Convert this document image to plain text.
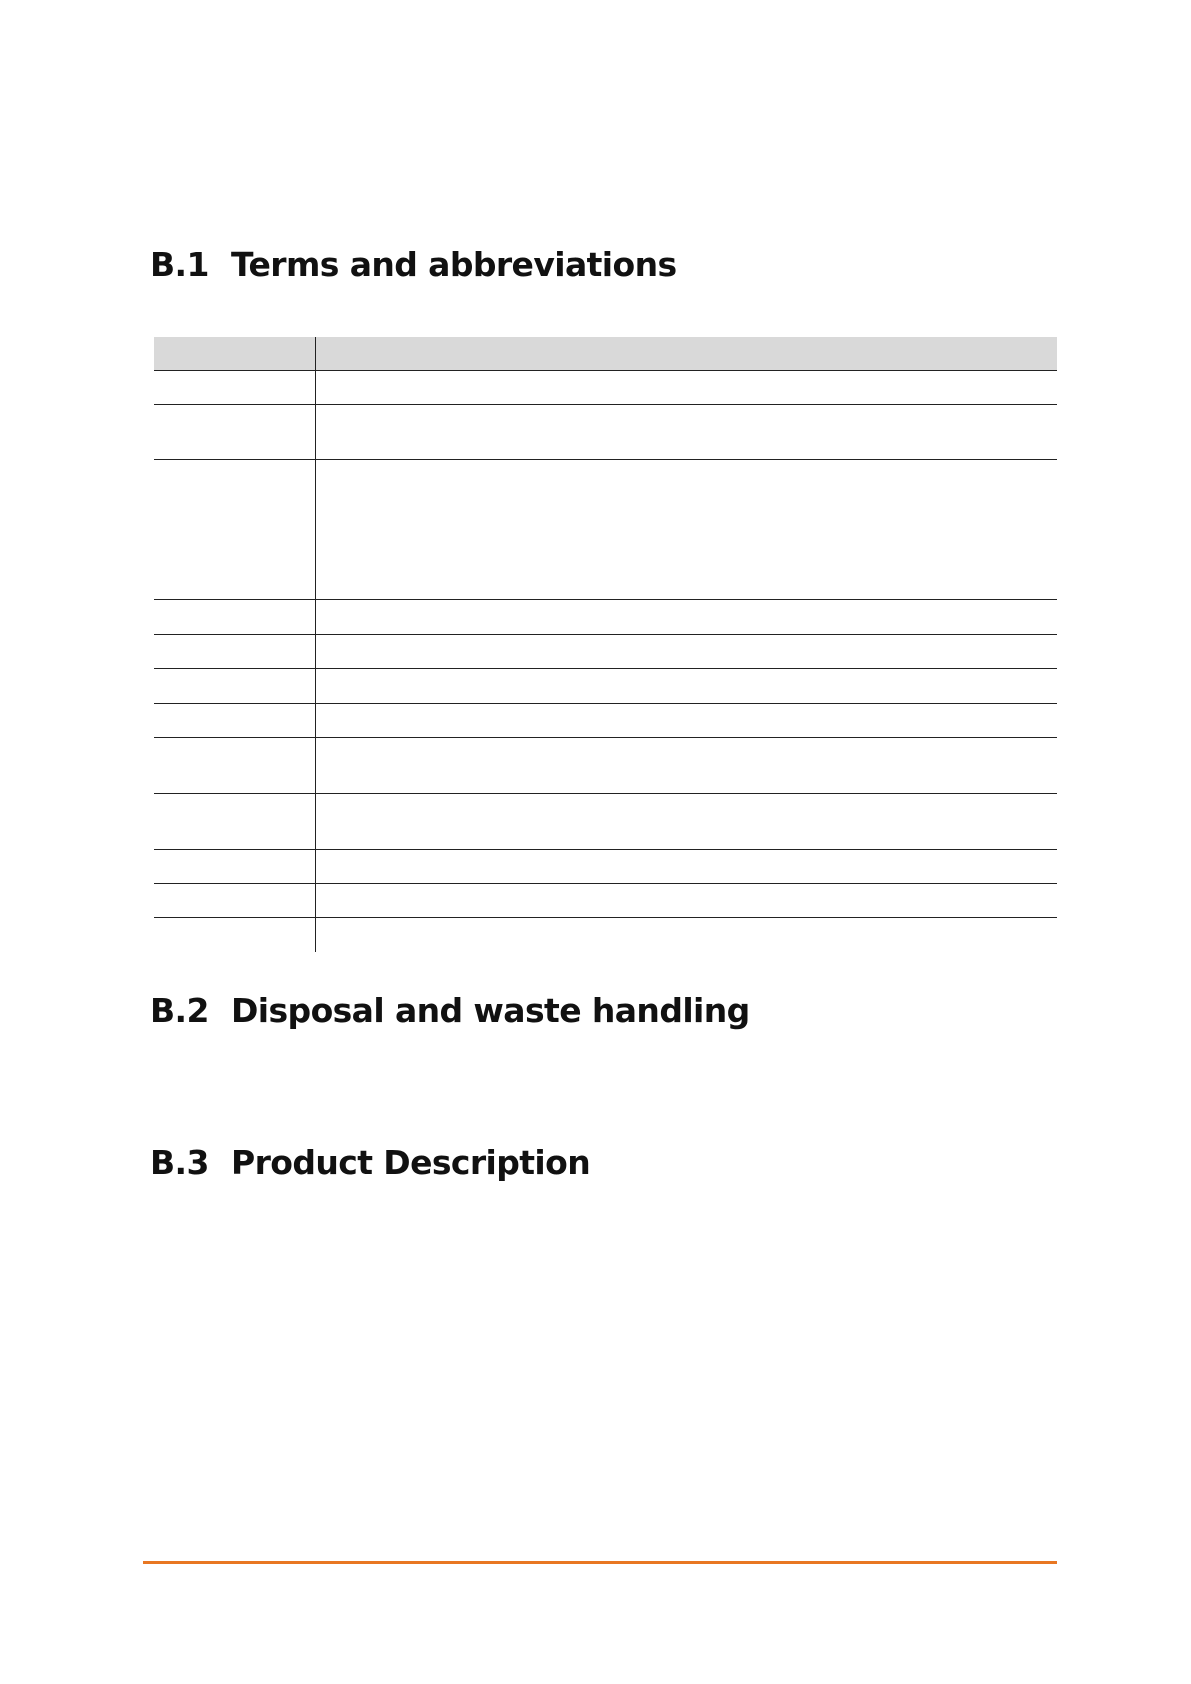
B.1 Terms and abbreviations

B.2 Disposal and waste handling
B.3 Product Description
